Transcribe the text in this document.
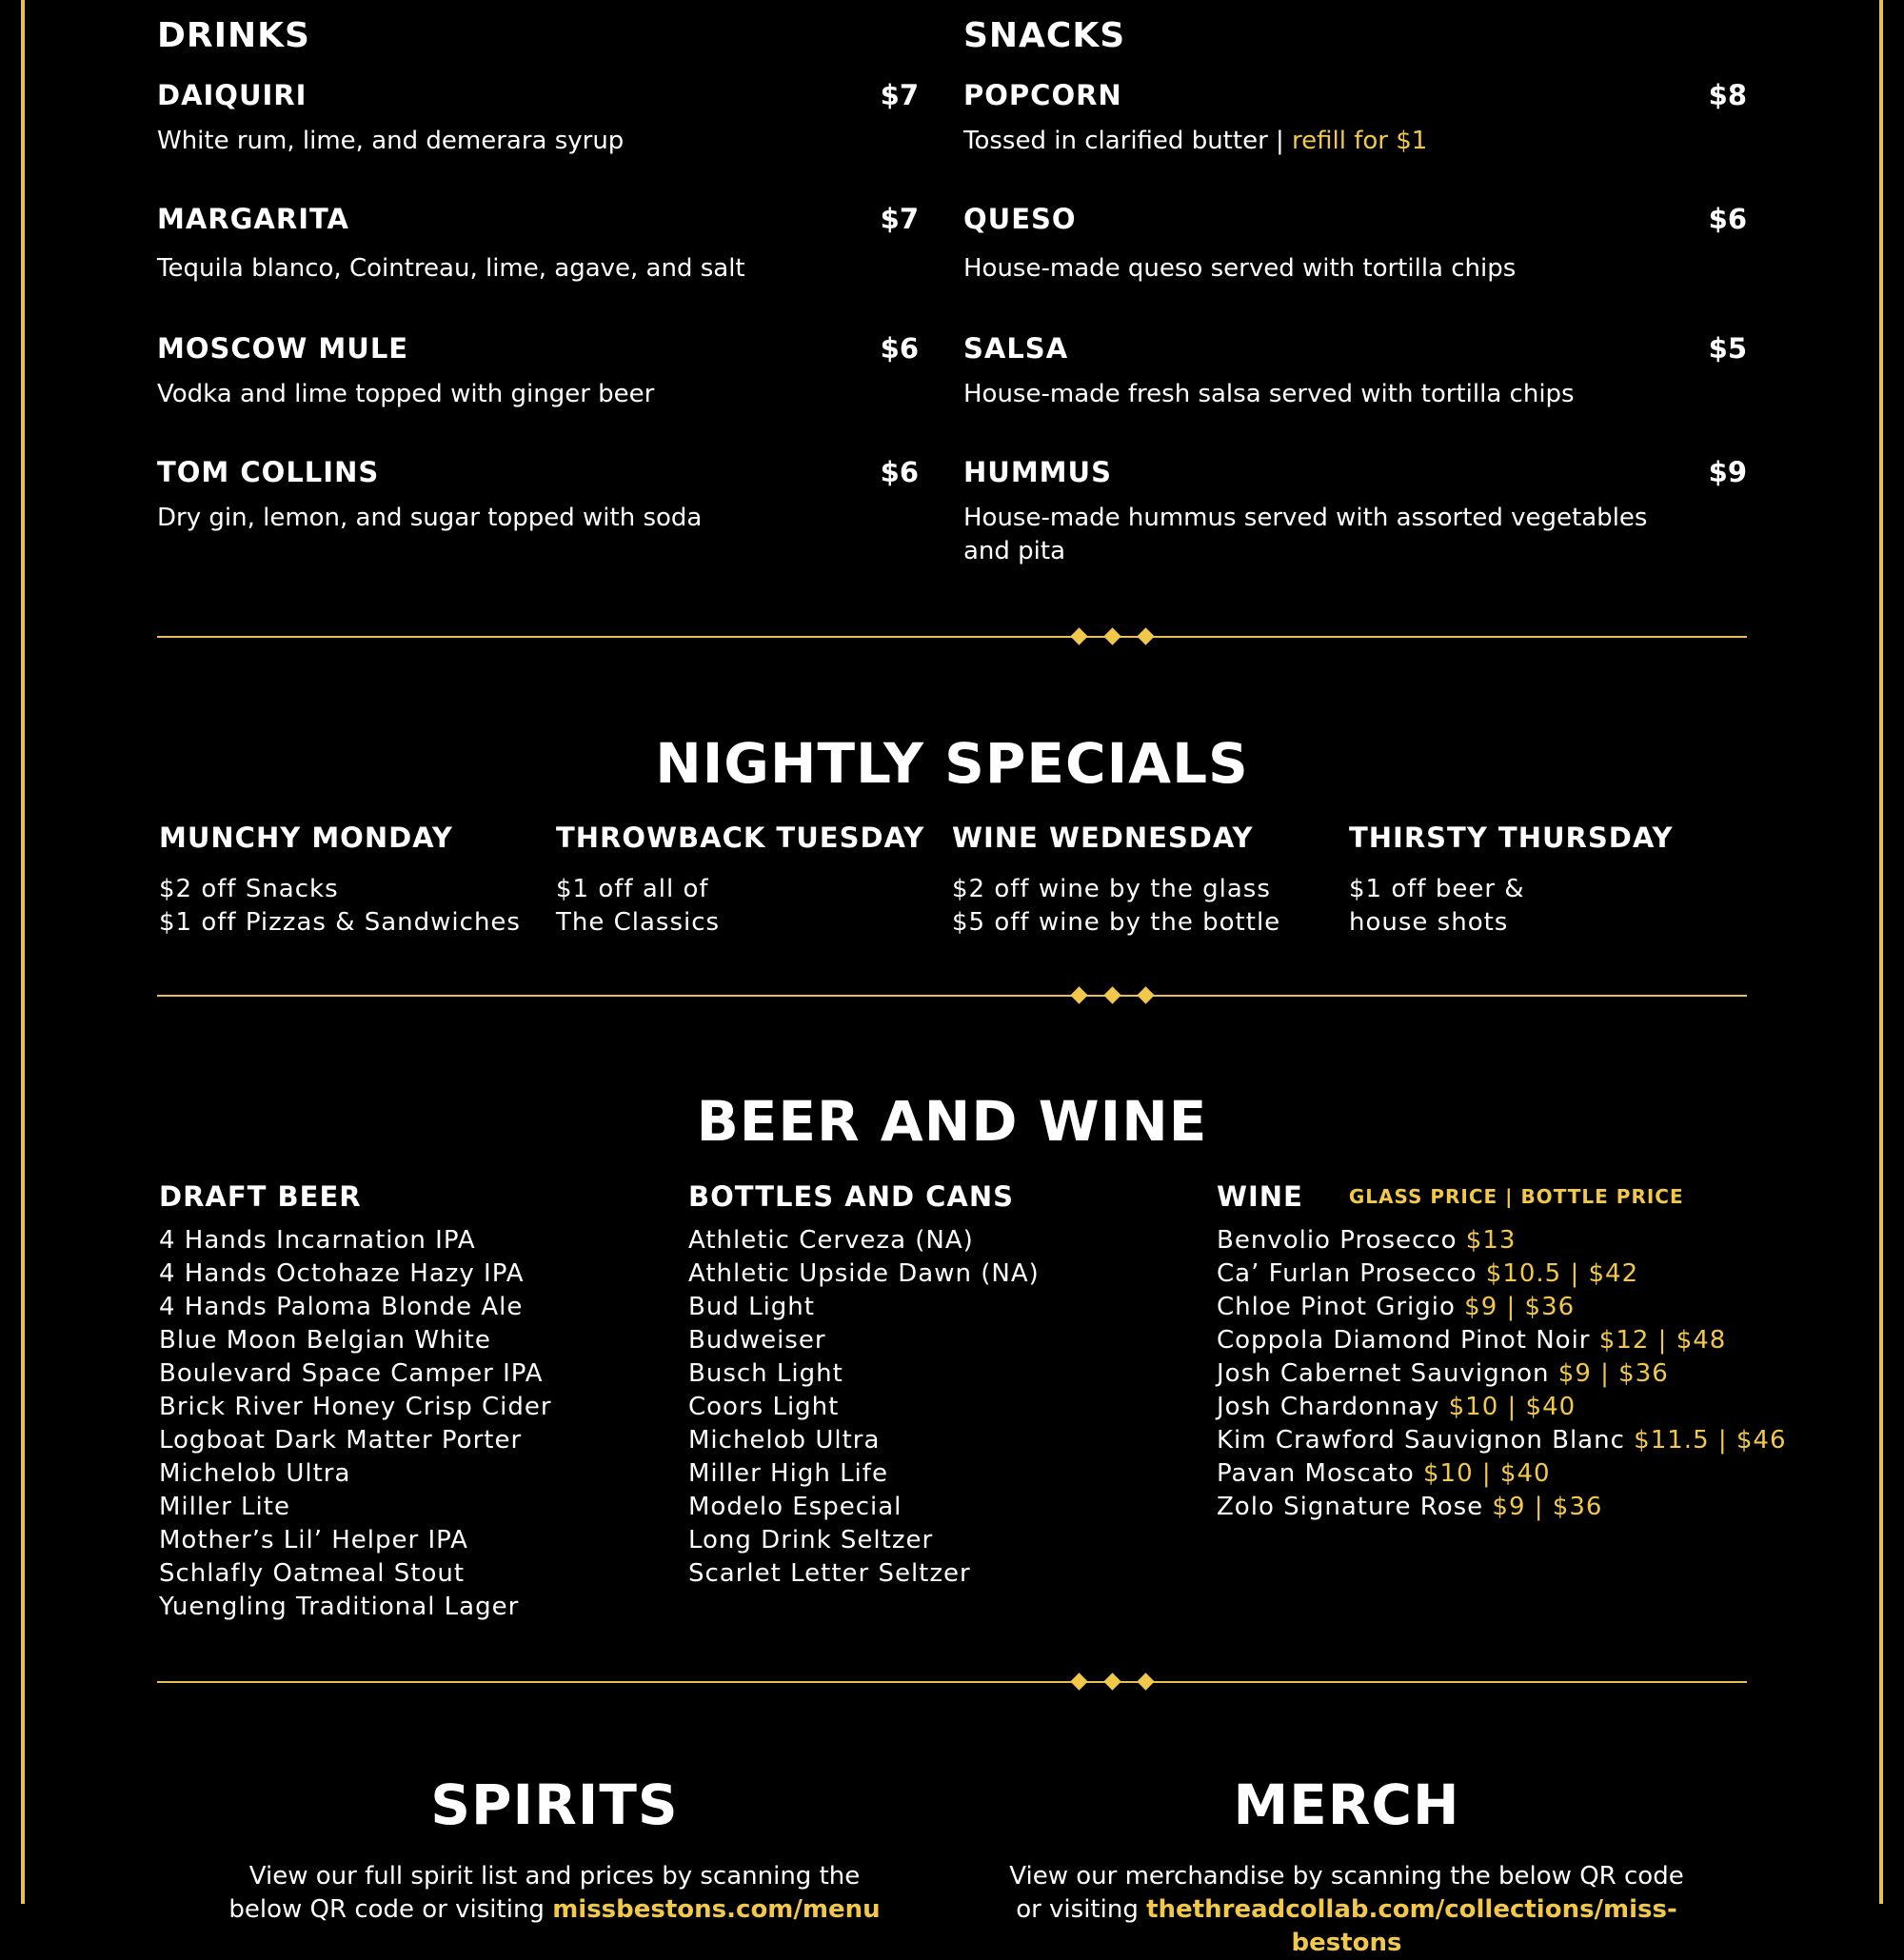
DRINKS
DAIQUIRI	$7
White rum, lime, and demerara syrup
MARGARITA	$7
Tequila blanco, Cointreau, lime, agave, and salt
MOSCOW MULE	$6
Vodka and lime topped with ginger beer
TOM COLLINS	$6
Dry gin, lemon, and sugar topped with soda
SNACKS
POPCORN	$8
Tossed in clarified butter | refill for $1
QUESO	$6
House-made queso served with tortilla chips
SALSA	$5
House-made fresh salsa served with tortilla chips
HUMMUS	$9
House-made hummus served with assorted vegetables
and pita
NIGHTLY SPECIALS
MUNCHY MONDAY
$2 off Snacks
$1 off Pizzas & Sandwiches
THROWBACK TUESDAY
$1 off all of
The Classics
WINE WEDNESDAY
$2 off wine by the glass
$5 off wine by the bottle
THIRSTY THURSDAY
$1 off beer &
house shots
BEER AND WINE
DRAFT BEER
4 Hands Incarnation IPA
4 Hands Octohaze Hazy IPA
4 Hands Paloma Blonde Ale
Blue Moon Belgian White
Boulevard Space Camper IPA
Brick River Honey Crisp Cider
Logboat Dark Matter Porter
Michelob Ultra
Miller Lite
Mother’s Lil’ Helper IPA
Schlafly Oatmeal Stout
Yuengling Traditional Lager
BOTTLES AND CANS
Athletic Cerveza (NA)
Athletic Upside Dawn (NA)
Bud Light
Budweiser
Busch Light
Coors Light
Michelob Ultra
Miller High Life
Modelo Especial
Long Drink Seltzer
Scarlet Letter Seltzer
WINE GLASS PRICE | BOTTLE PRICE
Benvolio Prosecco $13
Ca’ Furlan Prosecco $10.5 | $42
Chloe Pinot Grigio $9 | $36
Coppola Diamond Pinot Noir $12 | $48
Josh Cabernet Sauvignon $9 | $36
Josh Chardonnay $10 | $40
Kim Crawford Sauvignon Blanc $11.5 | $46
Pavan Moscato $10 | $40
Zolo Signature Rose $9 | $36
SPIRITS
View our full spirit list and prices by scanning the
below QR code or visiting missbestons.com/menu
MERCH
View our merchandise by scanning the below QR code
or visiting thethreadcollab.com/collections/miss-bestons
